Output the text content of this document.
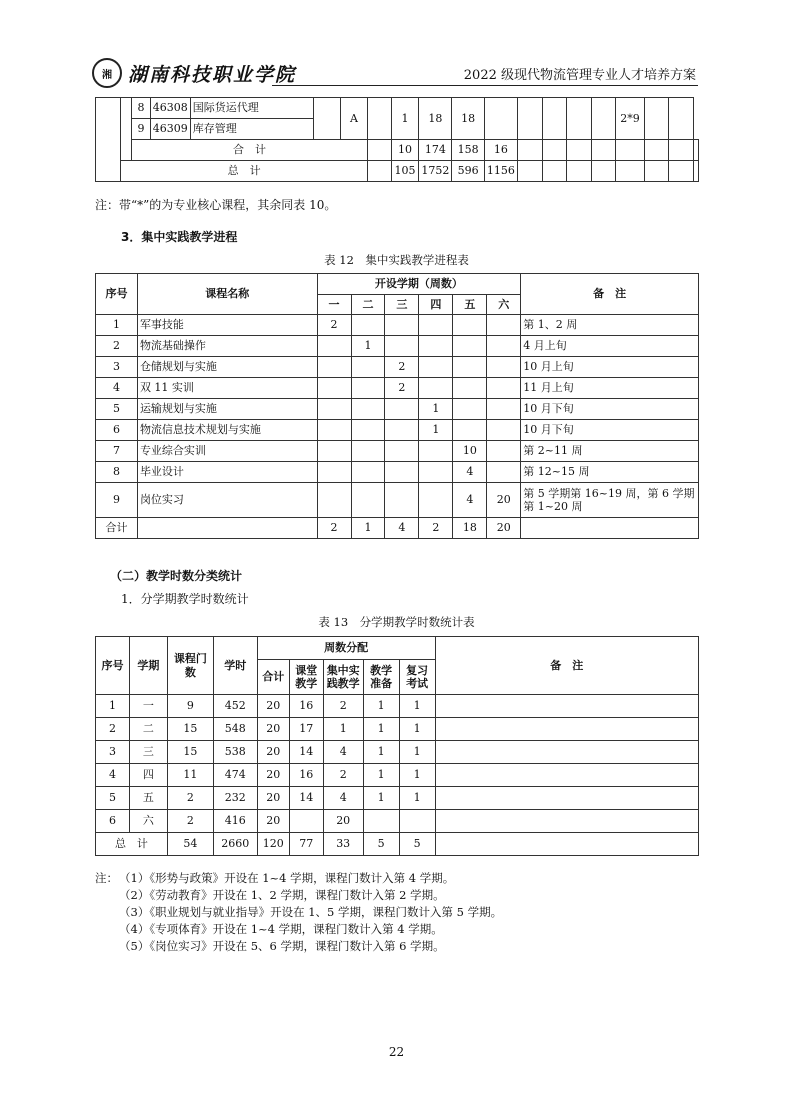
湘 湖南科技职业学院	2022 级现代物流管理专业人才培养方案
		8	46308	国际货运代理		A		1	18	18						2*9			
		9	46309	库存管理															
		合　计						10	174	158	16								
	总　计							105	1752	596	1156								
注：带“*”的为专业核心课程，其余同表 10。
3．集中实践教学进程
表 12　集中实践教学进程表
序号	课程名称	开设学期（周数）						备　注
		一	二	三	四	五	六	
1	军事技能	2						第 1、2 周
2	物流基础操作		1					4 月上旬
3	仓储规划与实施			2				10 月上旬
4	双 11 实训			2				11 月上旬
5	运输规划与实施				1			10 月下旬
6	物流信息技术规划与实施				1			10 月下旬
7	专业综合实训					10		第 2~11 周
8	毕业设计					4		第 12~15 周
9	岗位实习					4	20	第 5 学期第 16~19 周，第 6 学期第 1~20 周
合计		2	1	4	2	18	20	
（二）教学时数分类统计
1．分学期教学时数统计
表 13　分学期教学时数统计表
序号	学期	课程门数	学时	周数分配					备　注
				合计	课堂教学	集中实践教学	教学准备	复习考试	
1	一	9	452	20	16	2	1	1	
2	二	15	548	20	17	1	1	1	
3	三	15	538	20	14	4	1	1	
4	四	11	474	20	16	2	1	1	
5	五	2	232	20	14	4	1	1	
6	六	2	416	20		20			
总　计		54	2660	120	77	33	5	5	
注： （1）《形势与政策》开设在 1~4 学期，课程门数计入第 4 学期。
（2）《劳动教育》开设在 1、2 学期，课程门数计入第 2 学期。
（3）《职业规划与就业指导》开设在 1、5 学期，课程门数计入第 5 学期。
（4）《专项体育》开设在 1~4 学期，课程门数计入第 4 学期。
（5）《岗位实习》开设在 5、6 学期，课程门数计入第 6 学期。
22
